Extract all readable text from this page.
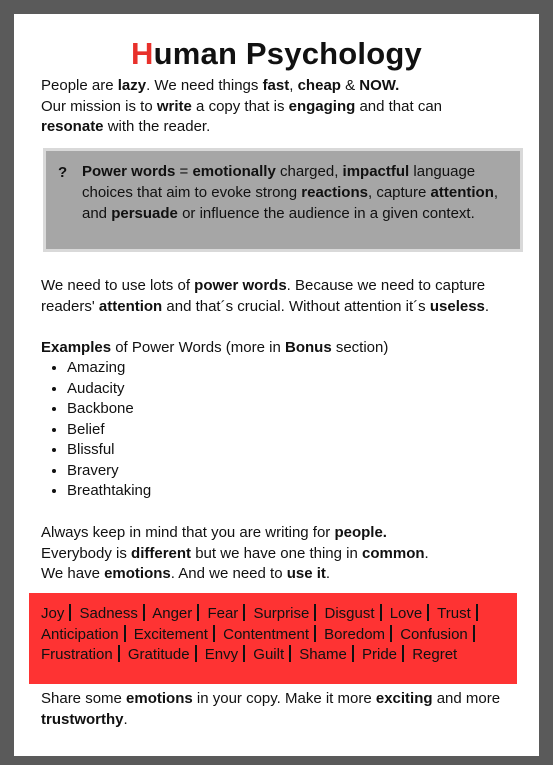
Human Psychology
People are lazy. We need things fast, cheap & NOW.
Our mission is to write a copy that is engaging and that can
resonate with the reader.
? Power words = emotionally charged, impactful language choices that aim to evoke strong reactions, capture attention, and persuade or influence the audience in a given context.
We need to use lots of power words. Because we need to capture readers' attention and that´s crucial. Without attention it´s useless.
Examples of Power Words (more in Bonus section)
• Amazing
• Audacity
• Backbone
• Belief
• Blissful
• Bravery
• Breathtaking
Always keep in mind that you are writing for people.
Everybody is different but we have one thing in common.
We have emotions. And we need to use it.
Joy Sadness Anger Fear Surprise Disgust Love Trust Anticipation Excitement Contentment Boredom Confusion Frustration Gratitude Envy Guilt Shame Pride Regret
Share some emotions in your copy. Make it more exciting and more trustworthy.
